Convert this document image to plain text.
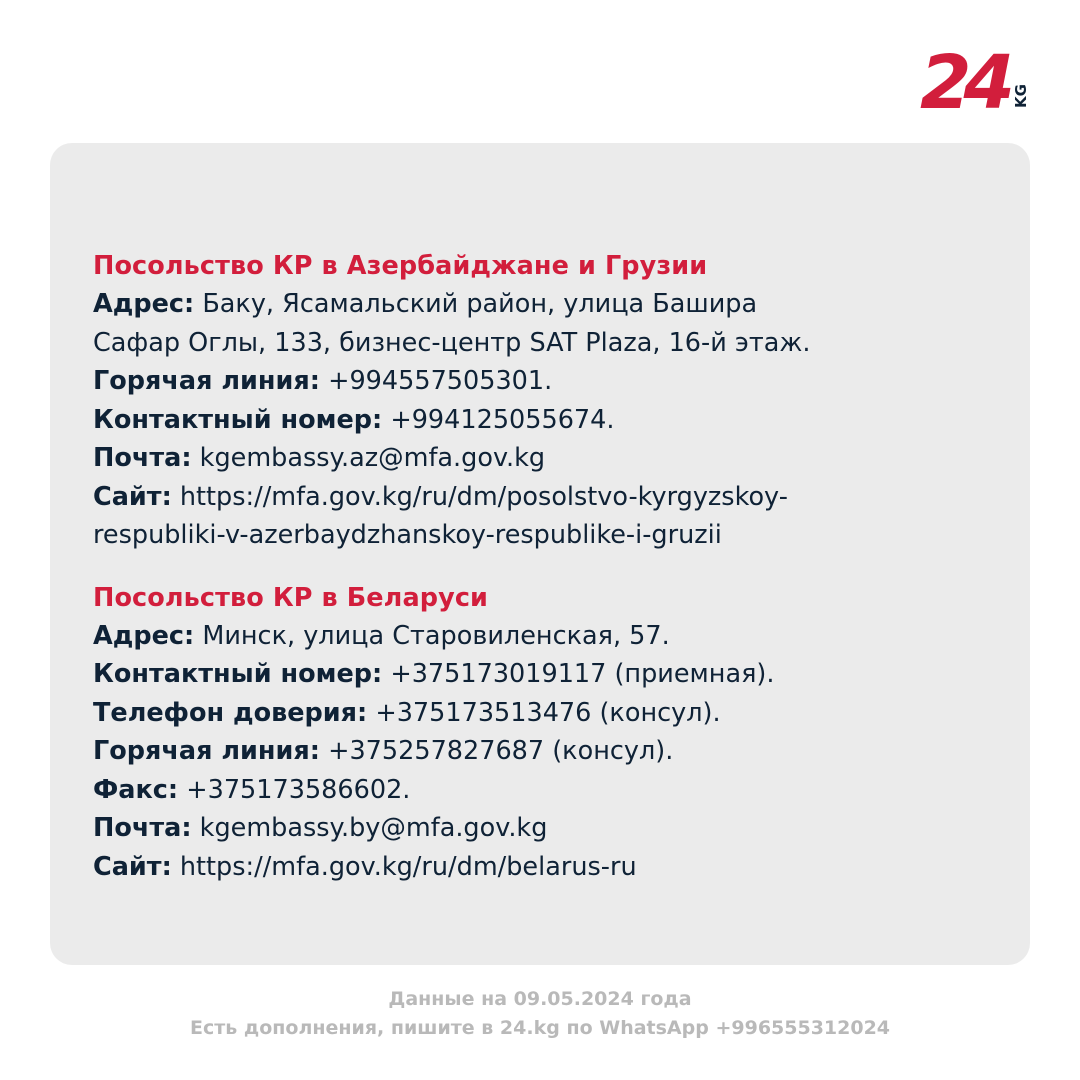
24 KG
Посольство КР в Азербайджане и Грузии
Адрес: Баку, Ясамальский район, улица Башира
Сафар Оглы, 133, бизнес-центр SAT Plaza, 16-й этаж.
Горячая линия: +994557505301.
Контактный номер: +994125055674.
Почта: kgembassy.az@mfa.gov.kg
Сайт: https://mfa.gov.kg/ru/dm/posolstvo-kyrgyzskoy-
respubliki-v-azerbaydzhanskoy-respublike-i-gruzii
Посольство КР в Беларуси
Адрес: Минск, улица Старовиленская, 57.
Контактный номер: +375173019117 (приемная).
Телефон доверия: +375173513476 (консул).
Горячая линия: +375257827687 (консул).
Факс: +375173586602.
Почта: kgembassy.by@mfa.gov.kg
Сайт: https://mfa.gov.kg/ru/dm/belarus-ru
Данные на 09.05.2024 года
Есть дополнения, пишите в 24.kg по WhatsApp +996555312024
